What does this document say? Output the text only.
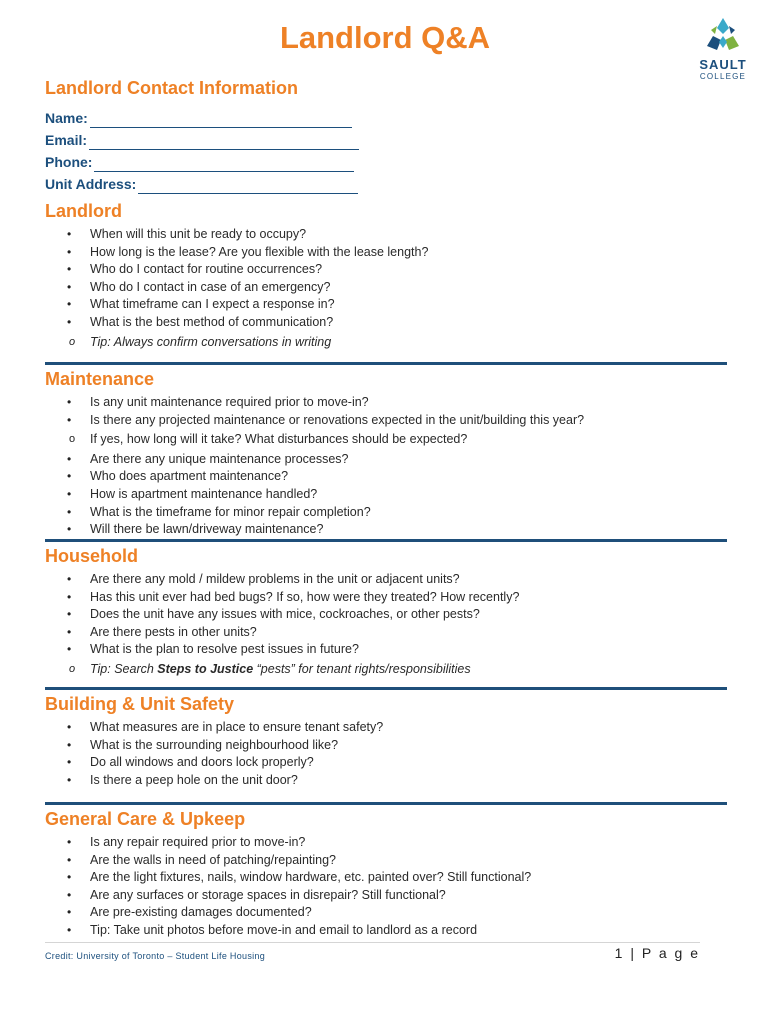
Landlord Q&A
SAULT
COLLEGE
Landlord Contact Information
Name:
Email:
Phone:
Unit Address:
Landlord
• When will this unit be ready to occupy?
• How long is the lease? Are you flexible with the lease length?
• Who do I contact for routine occurrences?
• Who do I contact in case of an emergency?
• What timeframe can I expect a response in?
• What is the best method of communication?
o Tip: Always confirm conversations in writing
Maintenance
• Is any unit maintenance required prior to move-in?
• Is there any projected maintenance or renovations expected in the unit/building this year?
o If yes, how long will it take? What disturbances should be expected?
• Are there any unique maintenance processes?
• Who does apartment maintenance?
• How is apartment maintenance handled?
• What is the timeframe for minor repair completion?
• Will there be lawn/driveway maintenance?
Household
• Are there any mold / mildew problems in the unit or adjacent units?
• Has this unit ever had bed bugs? If so, how were they treated? How recently?
• Does the unit have any issues with mice, cockroaches, or other pests?
• Are there pests in other units?
• What is the plan to resolve pest issues in future?
o Tip: Search Steps to Justice “pests” for tenant rights/responsibilities
Building & Unit Safety
• What measures are in place to ensure tenant safety?
• What is the surrounding neighbourhood like?
• Do all windows and doors lock properly?
• Is there a peep hole on the unit door?
General Care & Upkeep
• Is any repair required prior to move-in?
• Are the walls in need of patching/repainting?
• Are the light fixtures, nails, window hardware, etc. painted over? Still functional?
• Are any surfaces or storage spaces in disrepair? Still functional?
• Are pre-existing damages documented?
• Tip: Take unit photos before move-in and email to landlord as a record
Credit: University of Toronto – Student Life Housing	1 | P a g e
